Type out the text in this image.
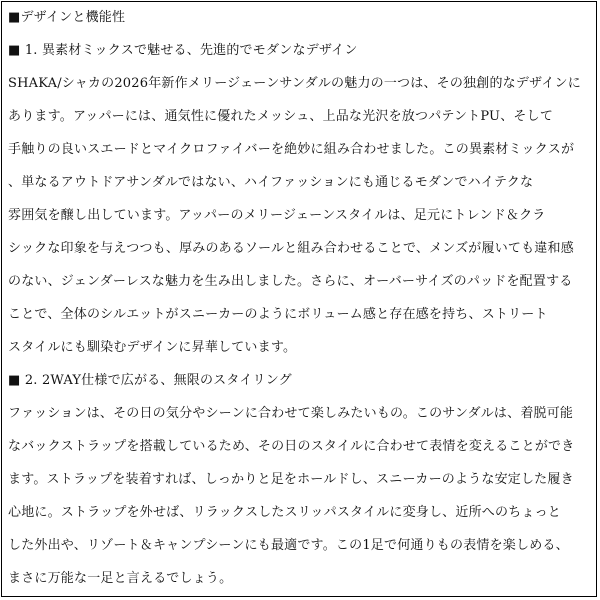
■デザインと機能性
■ 1. 異素材ミックスで魅せる、先進的でモダンなデザイン
SHAKA/シャカの2026年新作メリージェーンサンダルの魅力の一つは、その独創的なデザインに
あります。アッパーには、通気性に優れたメッシュ、上品な光沢を放つパテントPU、そして
手触りの良いスエードとマイクロファイバーを絶妙に組み合わせました。この異素材ミックスが
、単なるアウトドアサンダルではない、ハイファッションにも通じるモダンでハイテクな
雰囲気を醸し出しています。アッパーのメリージェーンスタイルは、足元にトレンド＆クラ
シックな印象を与えつつも、厚みのあるソールと組み合わせることで、メンズが履いても違和感
のない、ジェンダーレスな魅力を生み出しました。さらに、オーバーサイズのパッドを配置する
ことで、全体のシルエットがスニーカーのようにボリューム感と存在感を持ち、ストリート
スタイルにも馴染むデザインに昇華しています。
■ 2. 2WAY仕様で広がる、無限のスタイリング
ファッションは、その日の気分やシーンに合わせて楽しみたいもの。このサンダルは、着脱可能
なバックストラップを搭載しているため、その日のスタイルに合わせて表情を変えることができ
ます。ストラップを装着すれば、しっかりと足をホールドし、スニーカーのような安定した履き
心地に。ストラップを外せば、リラックスしたスリッパスタイルに変身し、近所へのちょっと
した外出や、リゾート＆キャンプシーンにも最適です。この1足で何通りもの表情を楽しめる、
まさに万能な一足と言えるでしょう。
